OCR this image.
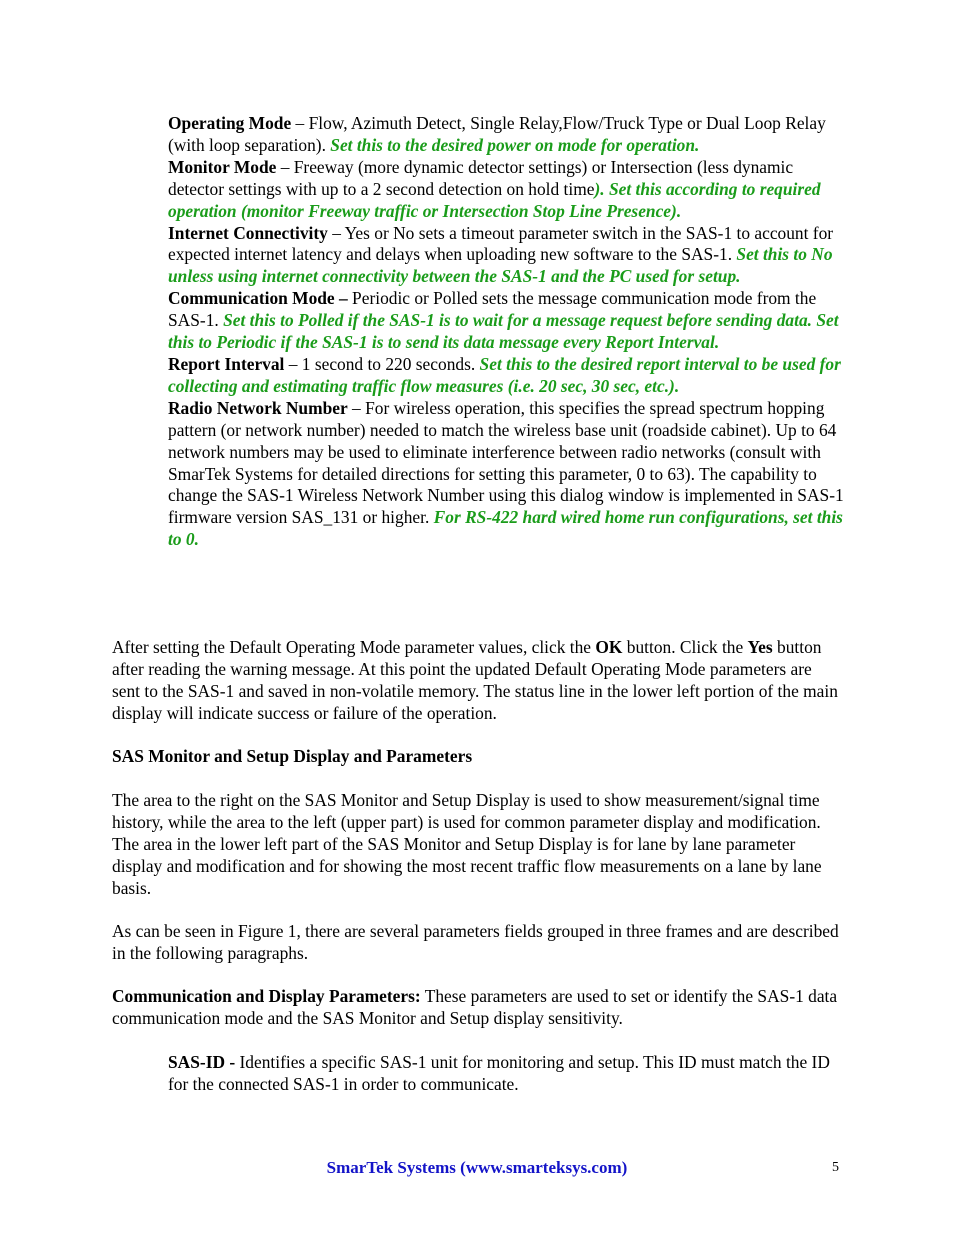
Operating Mode – Flow, Azimuth Detect, Single Relay,Flow/Truck Type or Dual Loop Relay (with loop separation). Set this to the desired power on mode for operation.

Monitor Mode – Freeway (more dynamic detector settings) or Intersection (less dynamic detector settings with up to a 2 second detection on hold time). Set this according to required operation (monitor Freeway traffic or Intersection Stop Line Presence).

Internet Connectivity – Yes or No sets a timeout parameter switch in the SAS-1 to account for expected internet latency and delays when uploading new software to the SAS-1. Set this to No unless using internet connectivity between the SAS-1 and the PC used for setup.

Communication Mode – Periodic or Polled sets the message communication mode from the SAS-1. Set this to Polled if the SAS-1 is to wait for a message request before sending data. Set this to Periodic if the SAS-1 is to send its data message every Report Interval.

Report Interval – 1 second to 220 seconds. Set this to the desired report interval to be used for collecting and estimating traffic flow measures (i.e. 20 sec, 30 sec, etc.).

Radio Network Number – For wireless operation, this specifies the spread spectrum hopping pattern (or network number) needed to match the wireless base unit (roadside cabinet). Up to 64 network numbers may be used to eliminate interference between radio networks (consult with SmarTek Systems for detailed directions for setting this parameter, 0 to 63). The capability to change the SAS-1 Wireless Network Number using this dialog window is implemented in SAS-1 firmware version SAS_131 or higher. For RS-422 hard wired home run configurations, set this to 0.

After setting the Default Operating Mode parameter values, click the OK button. Click the Yes button after reading the warning message. At this point the updated Default Operating Mode parameters are sent to the SAS-1 and saved in non-volatile memory. The status line in the lower left portion of the main display will indicate success or failure of the operation.

SAS Monitor and Setup Display and Parameters

The area to the right on the SAS Monitor and Setup Display is used to show measurement/signal time history, while the area to the left (upper part) is used for common parameter display and modification. The area in the lower left part of the SAS Monitor and Setup Display is for lane by lane parameter display and modification and for showing the most recent traffic flow measurements on a lane by lane basis.

As can be seen in Figure 1, there are several parameters fields grouped in three frames and are described in the following paragraphs.

Communication and Display Parameters: These parameters are used to set or identify the SAS-1 data communication mode and the SAS Monitor and Setup display sensitivity.

SAS-ID - Identifies a specific SAS-1 unit for monitoring and setup. This ID must match the ID for the connected SAS-1 in order to communicate.

SmarTek Systems (www.smarteksys.com)	5
